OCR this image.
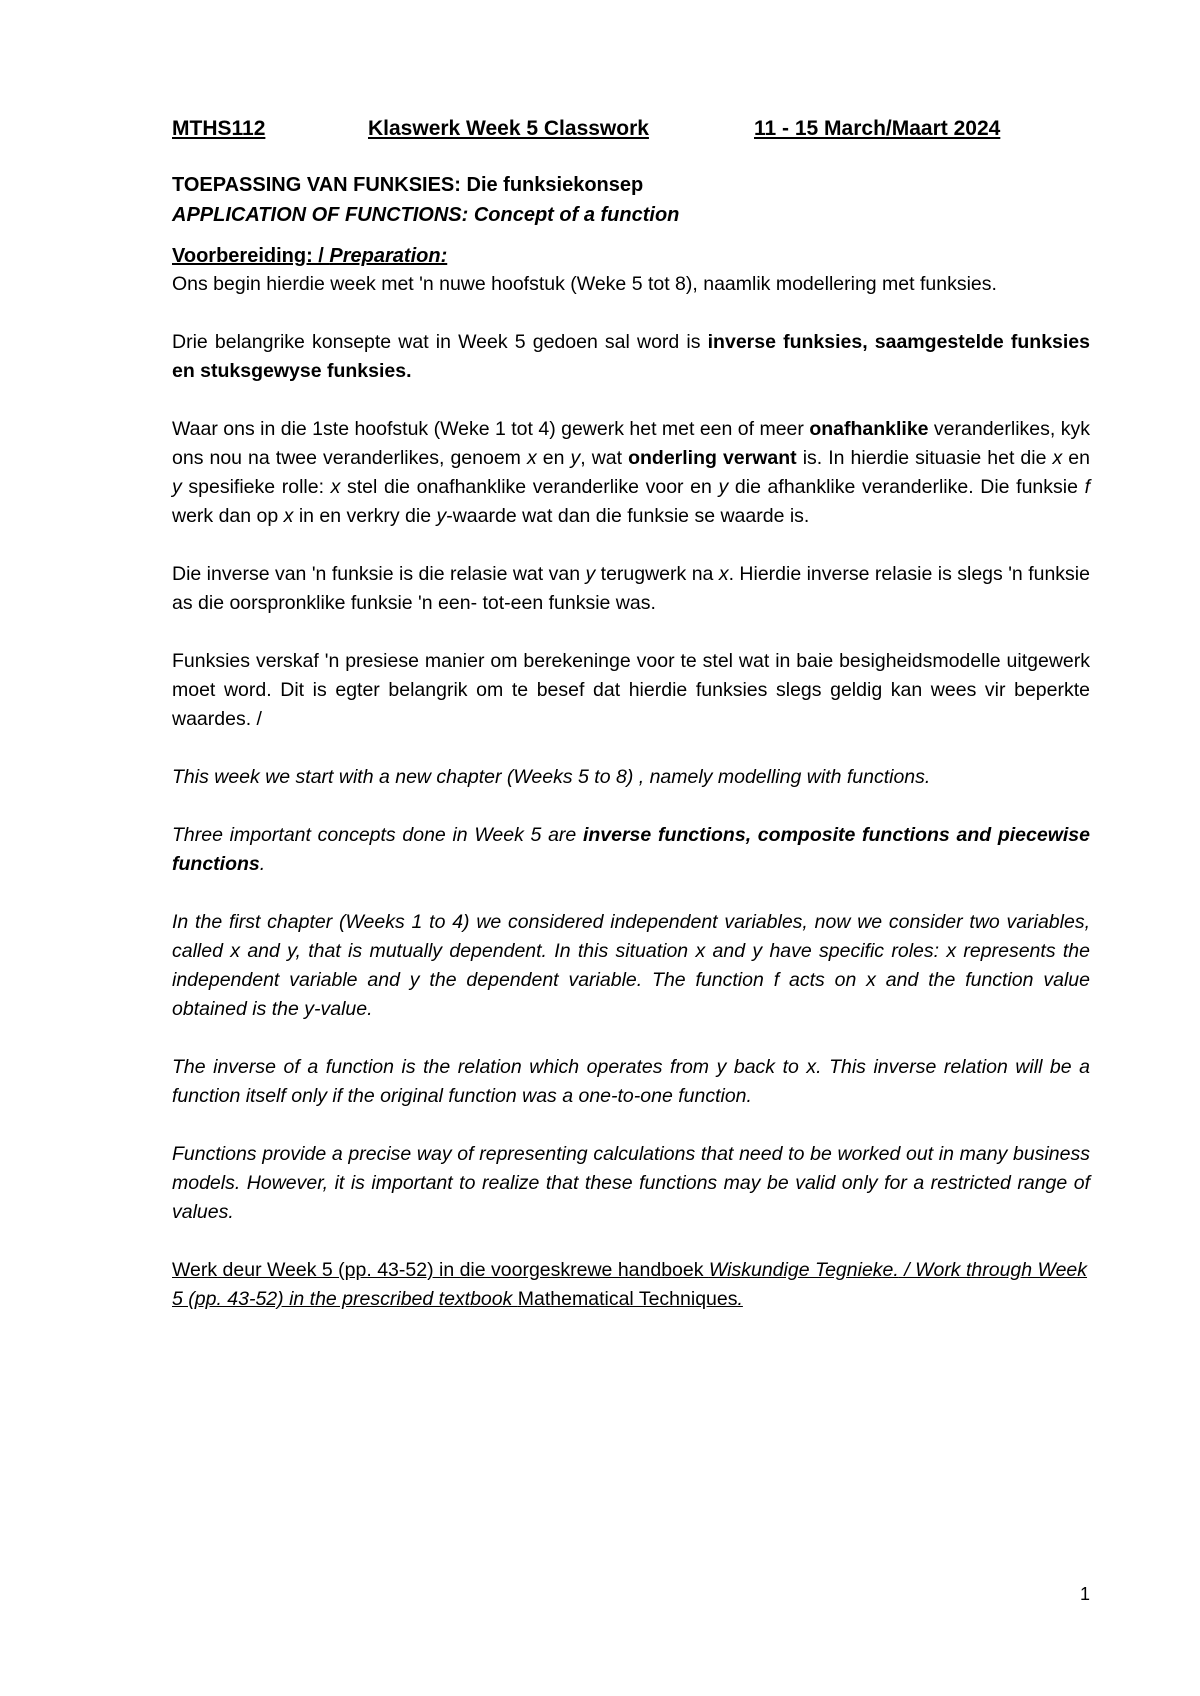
MTHS112	Klaswerk Week 5 Classwork	11 - 15 March/Maart 2024
TOEPASSING VAN FUNKSIES: Die funksiekonsep
APPLICATION OF FUNCTIONS: Concept of a function
Voorbereiding: / Preparation:

Ons begin hierdie week met 'n nuwe hoofstuk (Weke 5 tot 8), naamlik modellering met funksies.

Drie belangrike konsepte wat in Week 5 gedoen sal word is inverse funksies, saamgestelde funksies en stuksgewyse funksies.

Waar ons in die 1ste hoofstuk (Weke 1 tot 4) gewerk het met een of meer onafhanklike veranderlikes, kyk ons nou na twee veranderlikes, genoem x en y, wat onderling verwant is. In hierdie situasie het die x en y spesifieke rolle: x stel die onafhanklike veranderlike voor en y die afhanklike veranderlike. Die funksie f werk dan op x in en verkry die y-waarde wat dan die funksie se waarde is.

Die inverse van 'n funksie is die relasie wat van y terugwerk na x. Hierdie inverse relasie is slegs 'n funksie as die oorspronklike funksie 'n een- tot-een funksie was.

Funksies verskaf 'n presiese manier om berekeninge voor te stel wat in baie besigheidsmodelle uitgewerk moet word. Dit is egter belangrik om te besef dat hierdie funksies slegs geldig kan wees vir beperkte waardes. /

This week we start with a new chapter (Weeks 5 to 8) , namely modelling with functions.

Three important concepts done in Week 5 are inverse functions, composite functions and piecewise functions.

In the first chapter (Weeks 1 to 4) we considered independent variables, now we consider two variables, called x and y, that is mutually dependent. In this situation x and y have specific roles: x represents the independent variable and y the dependent variable. The function f acts on x and the function value obtained is the y-value.

The inverse of a function is the relation which operates from y back to x. This inverse relation will be a function itself only if the original function was a one-to-one function.

Functions provide a precise way of representing calculations that need to be worked out in many business models. However, it is important to realize that these functions may be valid only for a restricted range of values.

Werk deur Week 5 (pp. 43-52) in die voorgeskrewe handboek Wiskundige Tegnieke. / Work through Week 5 (pp. 43-52) in the prescribed textbook Mathematical Techniques.

1
